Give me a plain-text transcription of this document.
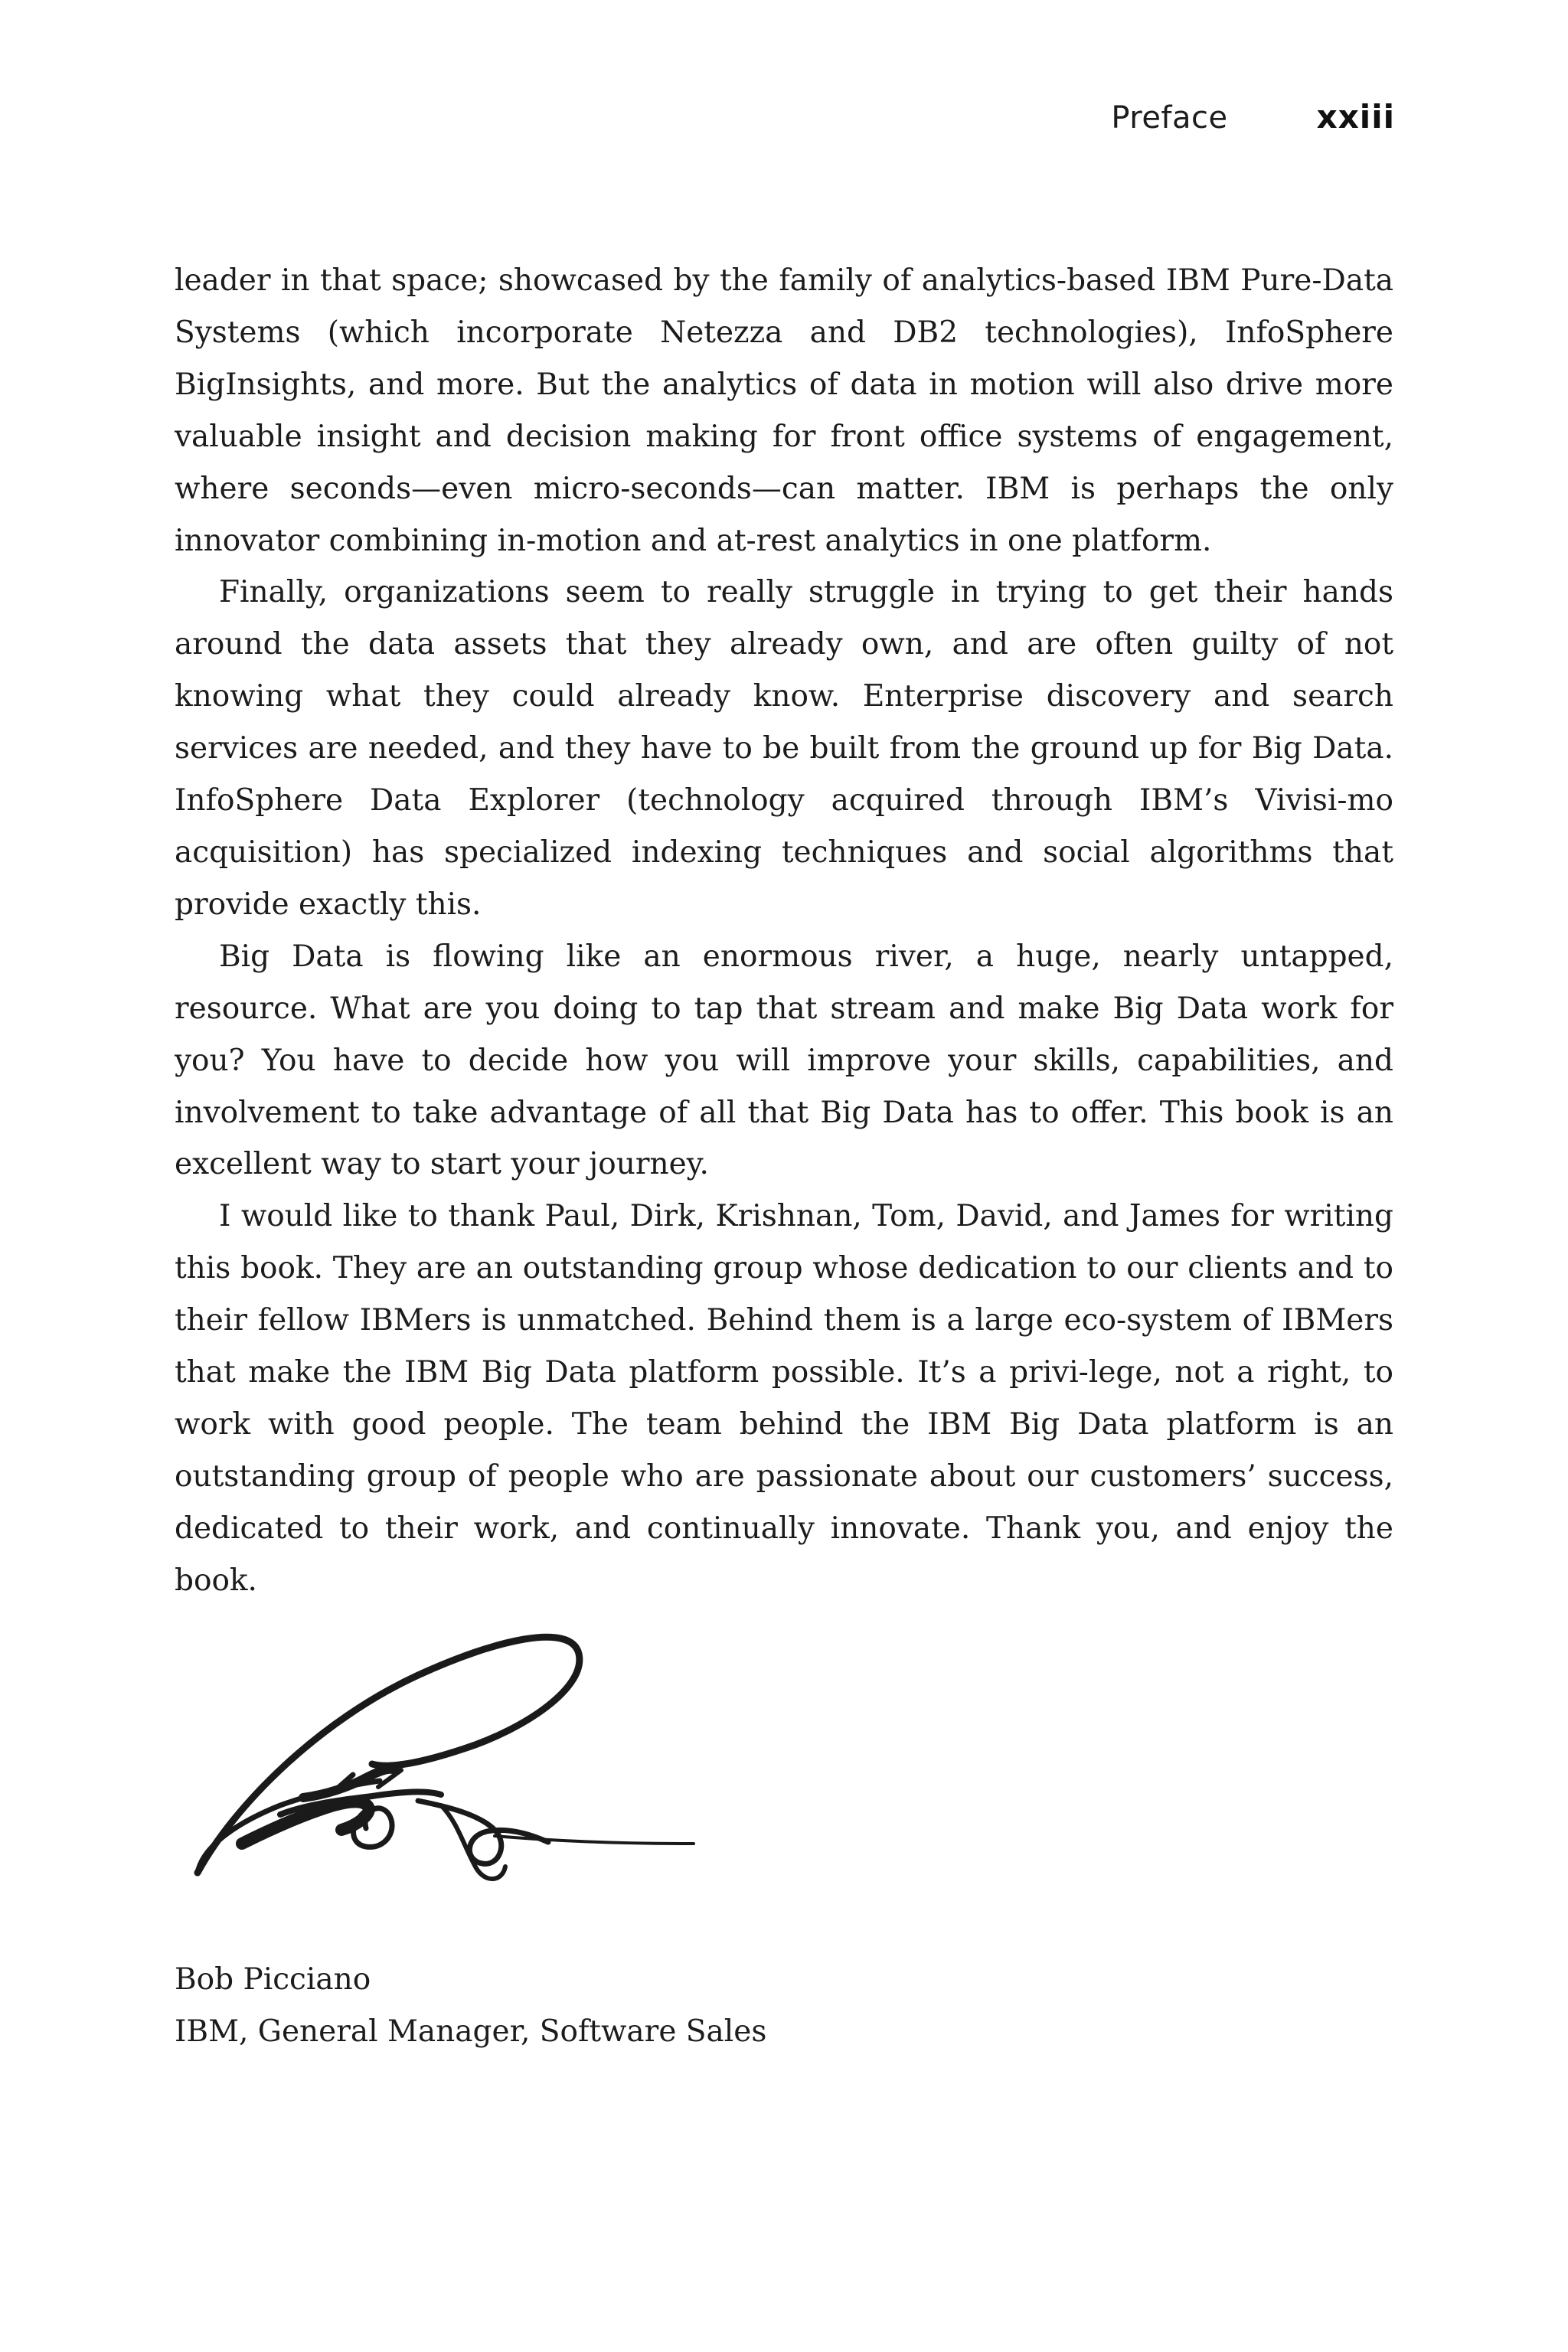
Preface	xxiii

leader in that space; showcased by the family of analytics-based IBM Pure-Data Systems (which incorporate Netezza and DB2 technologies), InfoSphere BigInsights, and more. But the analytics of data in motion will also drive more valuable insight and decision making for front office systems of engagement, where seconds—even micro-seconds—can matter. IBM is perhaps the only innovator combining in-motion and at-rest analytics in one platform.

Finally, organizations seem to really struggle in trying to get their hands around the data assets that they already own, and are often guilty of not knowing what they could already know. Enterprise discovery and search services are needed, and they have to be built from the ground up for Big Data. InfoSphere Data Explorer (technology acquired through IBM’s Vivisi-mo acquisition) has specialized indexing techniques and social algorithms that provide exactly this.

Big Data is flowing like an enormous river, a huge, nearly untapped, resource. What are you doing to tap that stream and make Big Data work for you? You have to decide how you will improve your skills, capabilities, and involvement to take advantage of all that Big Data has to offer. This book is an excellent way to start your journey.

I would like to thank Paul, Dirk, Krishnan, Tom, David, and James for writing this book. They are an outstanding group whose dedication to our clients and to their fellow IBMers is unmatched. Behind them is a large eco-system of IBMers that make the IBM Big Data platform possible. It’s a privi-lege, not a right, to work with good people. The team behind the IBM Big Data platform is an outstanding group of people who are passionate about our customers’ success, dedicated to their work, and continually innovate. Thank you, and enjoy the book.

Bob Picciano
IBM, General Manager, Software Sales
